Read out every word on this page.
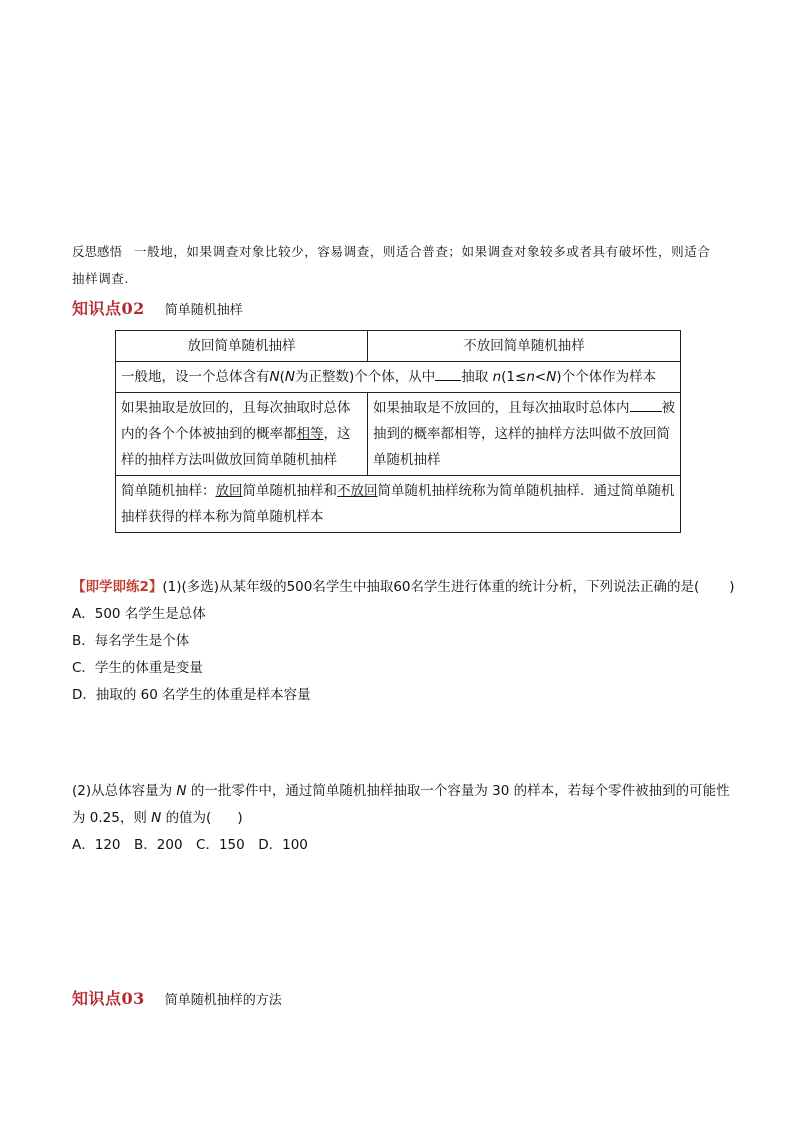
反思感悟 一般地，如果调查对象比较少，容易调查，则适合普查；如果调查对象较多或者具有破坏性，则适合抽样调查.
知识点02 简单随机抽样
放回简单随机抽样	不放回简单随机抽样
一般地，设一个总体含有N(N为正整数)个个体，从中 抽取 n(1≤n<N)个个体作为样本	
如果抽取是放回的，且每次抽取时总体内的各个个体被抽到的概率都相等，这样的抽样方法叫做放回简单随机抽样	如果抽取是不放回的，且每次抽取时总体内 被抽到的概率都相等，这样的抽样方法叫做不放回简单随机抽样
简单随机抽样：放回简单随机抽样和不放回简单随机抽样统称为简单随机抽样．通过简单随机抽样获得的样本称为简单随机样本	
【即学即练2】(1)(多选)从某年级的500名学生中抽取60名学生进行体重的统计分析，下列说法正确的是( )
A．500 名学生是总体
B．每名学生是个体
C．学生的体重是变量
D．抽取的 60 名学生的体重是样本容量
(2)从总体容量为 N 的一批零件中，通过简单随机抽样抽取一个容量为 30 的样本，若每个零件被抽到的可能性为 0.25，则 N 的值为( )
A．120　B．200　C．150　D．100
知识点03 简单随机抽样的方法
